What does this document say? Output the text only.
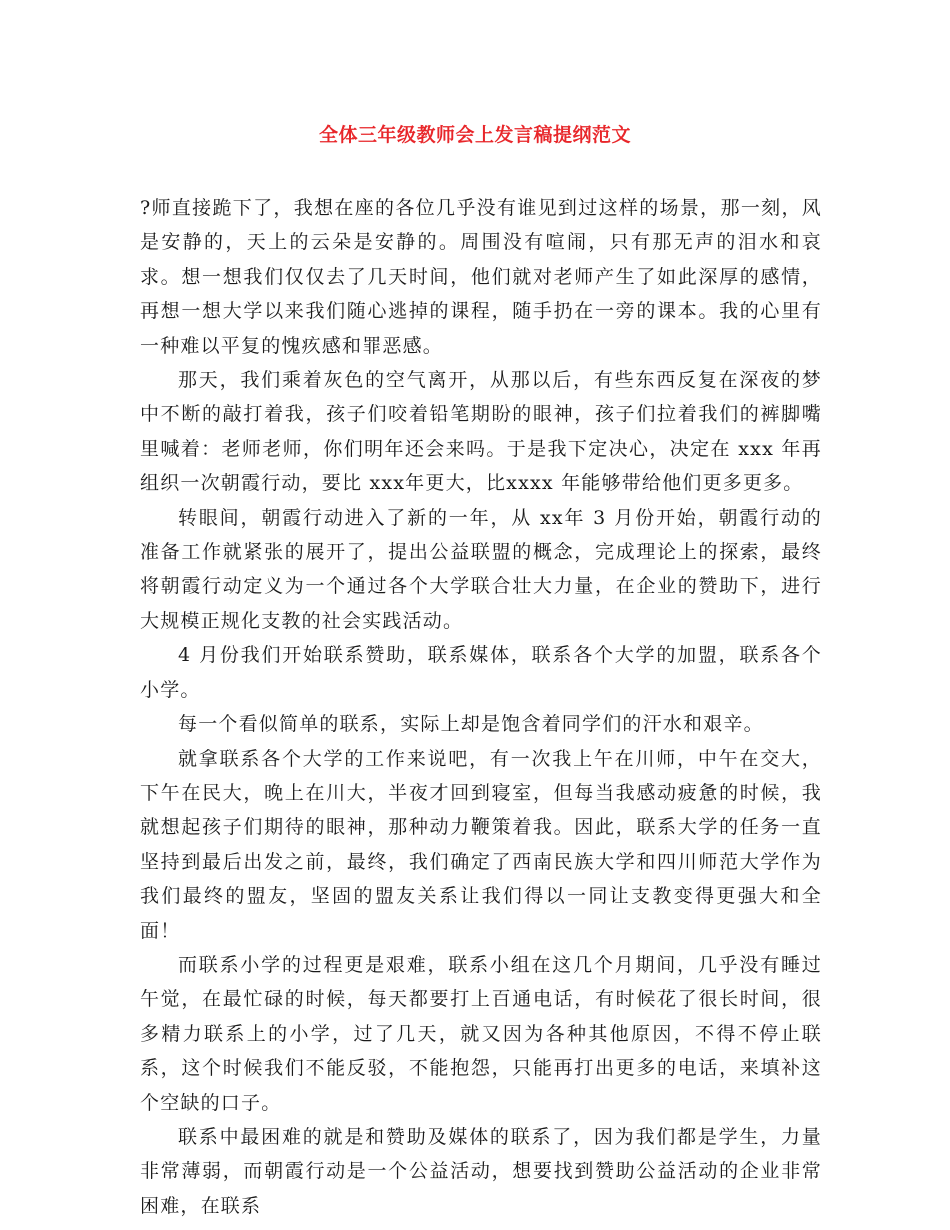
全体三年级教师会上发言稿提纲范文

?师直接跪下了，我想在座的各位几乎没有谁见到过这样的场景，那一刻，风是安静的，天上的云朵是安静的。周围没有喧闹，只有那无声的泪水和哀求。想一想我们仅仅去了几天时间，他们就对老师产生了如此深厚的感情，再想一想大学以来我们随心逃掉的课程，随手扔在一旁的课本。我的心里有一种难以平复的愧疚感和罪恶感。

那天，我们乘着灰色的空气离开，从那以后，有些东西反复在深夜的梦中不断的敲打着我，孩子们咬着铅笔期盼的眼神，孩子们拉着我们的裤脚嘴里喊着：老师老师，你们明年还会来吗。于是我下定决心，决定在 xxx 年再组织一次朝霞行动，要比 xxx年更大，比xxxx 年能够带给他们更多更多。

转眼间，朝霞行动进入了新的一年，从 xx年 3 月份开始，朝霞行动的准备工作就紧张的展开了，提出公益联盟的概念，完成理论上的探索，最终将朝霞行动定义为一个通过各个大学联合壮大力量，在企业的赞助下，进行大规模正规化支教的社会实践活动。

4 月份我们开始联系赞助，联系媒体，联系各个大学的加盟，联系各个小学。

每一个看似简单的联系，实际上却是饱含着同学们的汗水和艰辛。

就拿联系各个大学的工作来说吧，有一次我上午在川师，中午在交大，下午在民大，晚上在川大，半夜才回到寝室，但每当我感动疲惫的时候，我就想起孩子们期待的眼神，那种动力鞭策着我。因此，联系大学的任务一直坚持到最后出发之前，最终，我们确定了西南民族大学和四川师范大学作为我们最终的盟友，坚固的盟友关系让我们得以一同让支教变得更强大和全面！

而联系小学的过程更是艰难，联系小组在这几个月期间，几乎没有睡过午觉，在最忙碌的时候，每天都要打上百通电话，有时候花了很长时间，很多精力联系上的小学，过了几天，就又因为各种其他原因，不得不停止联系，这个时候我们不能反驳，不能抱怨，只能再打出更多的电话，来填补这个空缺的口子。

联系中最困难的就是和赞助及媒体的联系了，因为我们都是学生，力量非常薄弱，而朝霞行动是一个公益活动，想要找到赞助公益活动的企业非常困难，在联系
